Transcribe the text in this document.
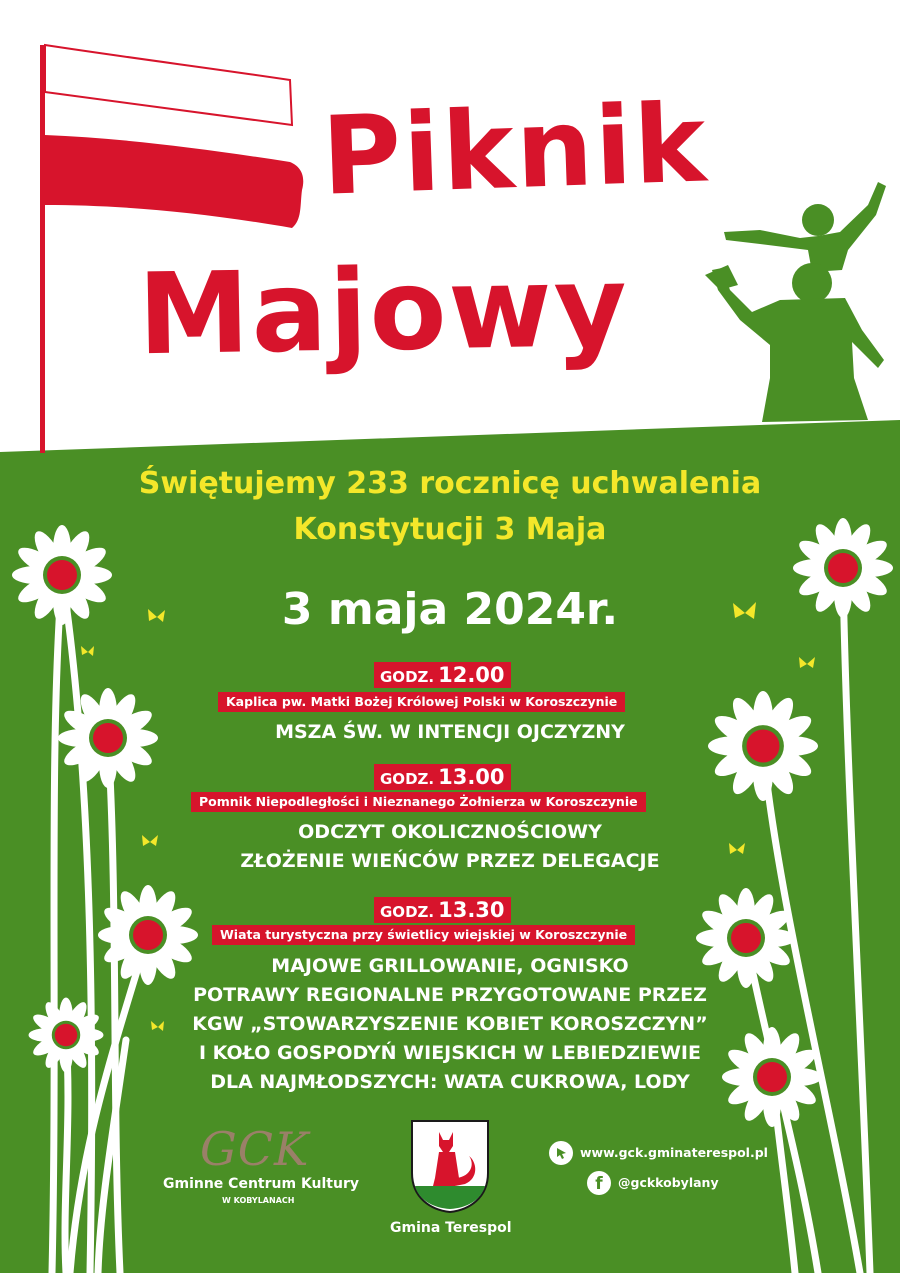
Piknik
Majowy
Świętujemy 233 rocznicę uchwalenia
Konstytucji 3 Maja
3 maja 2024r.
GODZ. 12.00
Kaplica pw. Matki Bożej Królowej Polski w Koroszczynie
MSZA ŚW. W INTENCJI OJCZYZNY
GODZ. 13.00
Pomnik Niepodległości i Nieznanego Żołnierza w Koroszczynie
ODCZYT OKOLICZNOŚCIOWY
ZŁOŻENIE WIEŃCÓW PRZEZ DELEGACJE
GODZ. 13.30
Wiata turystyczna przy świetlicy wiejskiej w Koroszczynie
MAJOWE GRILLOWANIE, OGNISKO
POTRAWY REGIONALNE PRZYGOTOWANE PRZEZ
KGW „STOWARZYSZENIE KOBIET KOROSZCZYN”
I KOŁO GOSPODYŃ WIEJSKICH W LEBIEDZIEWIE
DLA NAJMŁODSZYCH: WATA CUKROWA, LODY
GCK
Gminne Centrum Kultury
W KOBYLANACH
Gmina Terespol
www.gck.gminaterespol.pl
f	@gckkobylany
